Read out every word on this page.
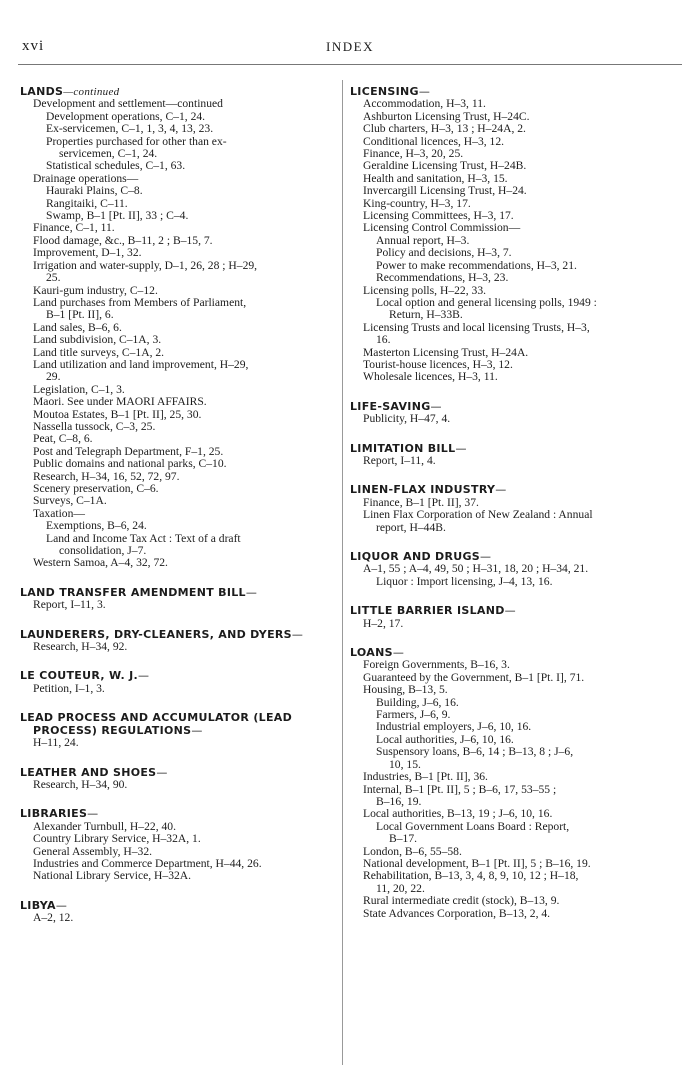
xvi	INDEX
LANDS—continued
Development and settlement—continued
Development operations, C–1, 24.
Ex-servicemen, C–1, 1, 3, 4, 13, 23.
Properties purchased for other than ex-
servicemen, C–1, 24.
Statistical schedules, C–1, 63.
Drainage operations—
Hauraki Plains, C–8.
Rangitaiki, C–11.
Swamp, B–1 [Pt. II], 33 ; C–4.
Finance, C–1, 11.
Flood damage, &c., B–11, 2 ; B–15, 7.
Improvement, D–1, 32.
Irrigation and water-supply, D–1, 26, 28 ; H–29,
25.
Kauri-gum industry, C–12.
Land purchases from Members of Parliament,
B–1 [Pt. II], 6.
Land sales, B–6, 6.
Land subdivision, C–1A, 3.
Land title surveys, C–1A, 2.
Land utilization and land improvement, H–29,
29.
Legislation, C–1, 3.
Maori. See under MAORI AFFAIRS.
Moutoa Estates, B–1 [Pt. II], 25, 30.
Nassella tussock, C–3, 25.
Peat, C–8, 6.
Post and Telegraph Department, F–1, 25.
Public domains and national parks, C–10.
Research, H–34, 16, 52, 72, 97.
Scenery preservation, C–6.
Surveys, C–1A.
Taxation—
Exemptions, B–6, 24.
Land and Income Tax Act : Text of a draft
consolidation, J–7.
Western Samoa, A–4, 32, 72.
LAND TRANSFER AMENDMENT BILL—
Report, I–11, 3.
LAUNDERERS, DRY-CLEANERS, AND DYERS—
Research, H–34, 92.
LE COUTEUR, W. J.—
Petition, I–1, 3.
LEAD PROCESS AND ACCUMULATOR (LEAD
PROCESS) REGULATIONS—
H–11, 24.
LEATHER AND SHOES—
Research, H–34, 90.
LIBRARIES—
Alexander Turnbull, H–22, 40.
Country Library Service, H–32A, 1.
General Assembly, H–32.
Industries and Commerce Department, H–44, 26.
National Library Service, H–32A.
LIBYA—
A–2, 12.
LICENSING—
Accommodation, H–3, 11.
Ashburton Licensing Trust, H–24C.
Club charters, H–3, 13 ; H–24A, 2.
Conditional licences, H–3, 12.
Finance, H–3, 20, 25.
Geraldine Licensing Trust, H–24B.
Health and sanitation, H–3, 15.
Invercargill Licensing Trust, H–24.
King-country, H–3, 17.
Licensing Committees, H–3, 17.
Licensing Control Commission—
Annual report, H–3.
Policy and decisions, H–3, 7.
Power to make recommendations, H–3, 21.
Recommendations, H–3, 23.
Licensing polls, H–22, 33.
Local option and general licensing polls, 1949 :
Return, H–33B.
Licensing Trusts and local licensing Trusts, H–3,
16.
Masterton Licensing Trust, H–24A.
Tourist-house licences, H–3, 12.
Wholesale licences, H–3, 11.
LIFE-SAVING—
Publicity, H–47, 4.
LIMITATION BILL—
Report, I–11, 4.
LINEN-FLAX INDUSTRY—
Finance, B–1 [Pt. II], 37.
Linen Flax Corporation of New Zealand : Annual
report, H–44B.
LIQUOR AND DRUGS—
A–1, 55 ; A–4, 49, 50 ; H–31, 18, 20 ; H–34, 21.
Liquor : Import licensing, J–4, 13, 16.
LITTLE BARRIER ISLAND—
H–2, 17.
LOANS—
Foreign Governments, B–16, 3.
Guaranteed by the Government, B–1 [Pt. I], 71.
Housing, B–13, 5.
Building, J–6, 16.
Farmers, J–6, 9.
Industrial employers, J–6, 10, 16.
Local authorities, J–6, 10, 16.
Suspensory loans, B–6, 14 ; B–13, 8 ; J–6,
10, 15.
Industries, B–1 [Pt. II], 36.
Internal, B–1 [Pt. II], 5 ; B–6, 17, 53–55 ;
B–16, 19.
Local authorities, B–13, 19 ; J–6, 10, 16.
Local Government Loans Board : Report,
B–17.
London, B–6, 55–58.
National development, B–1 [Pt. II], 5 ; B–16, 19.
Rehabilitation, B–13, 3, 4, 8, 9, 10, 12 ; H–18,
11, 20, 22.
Rural intermediate credit (stock), B–13, 9.
State Advances Corporation, B–13, 2, 4.
